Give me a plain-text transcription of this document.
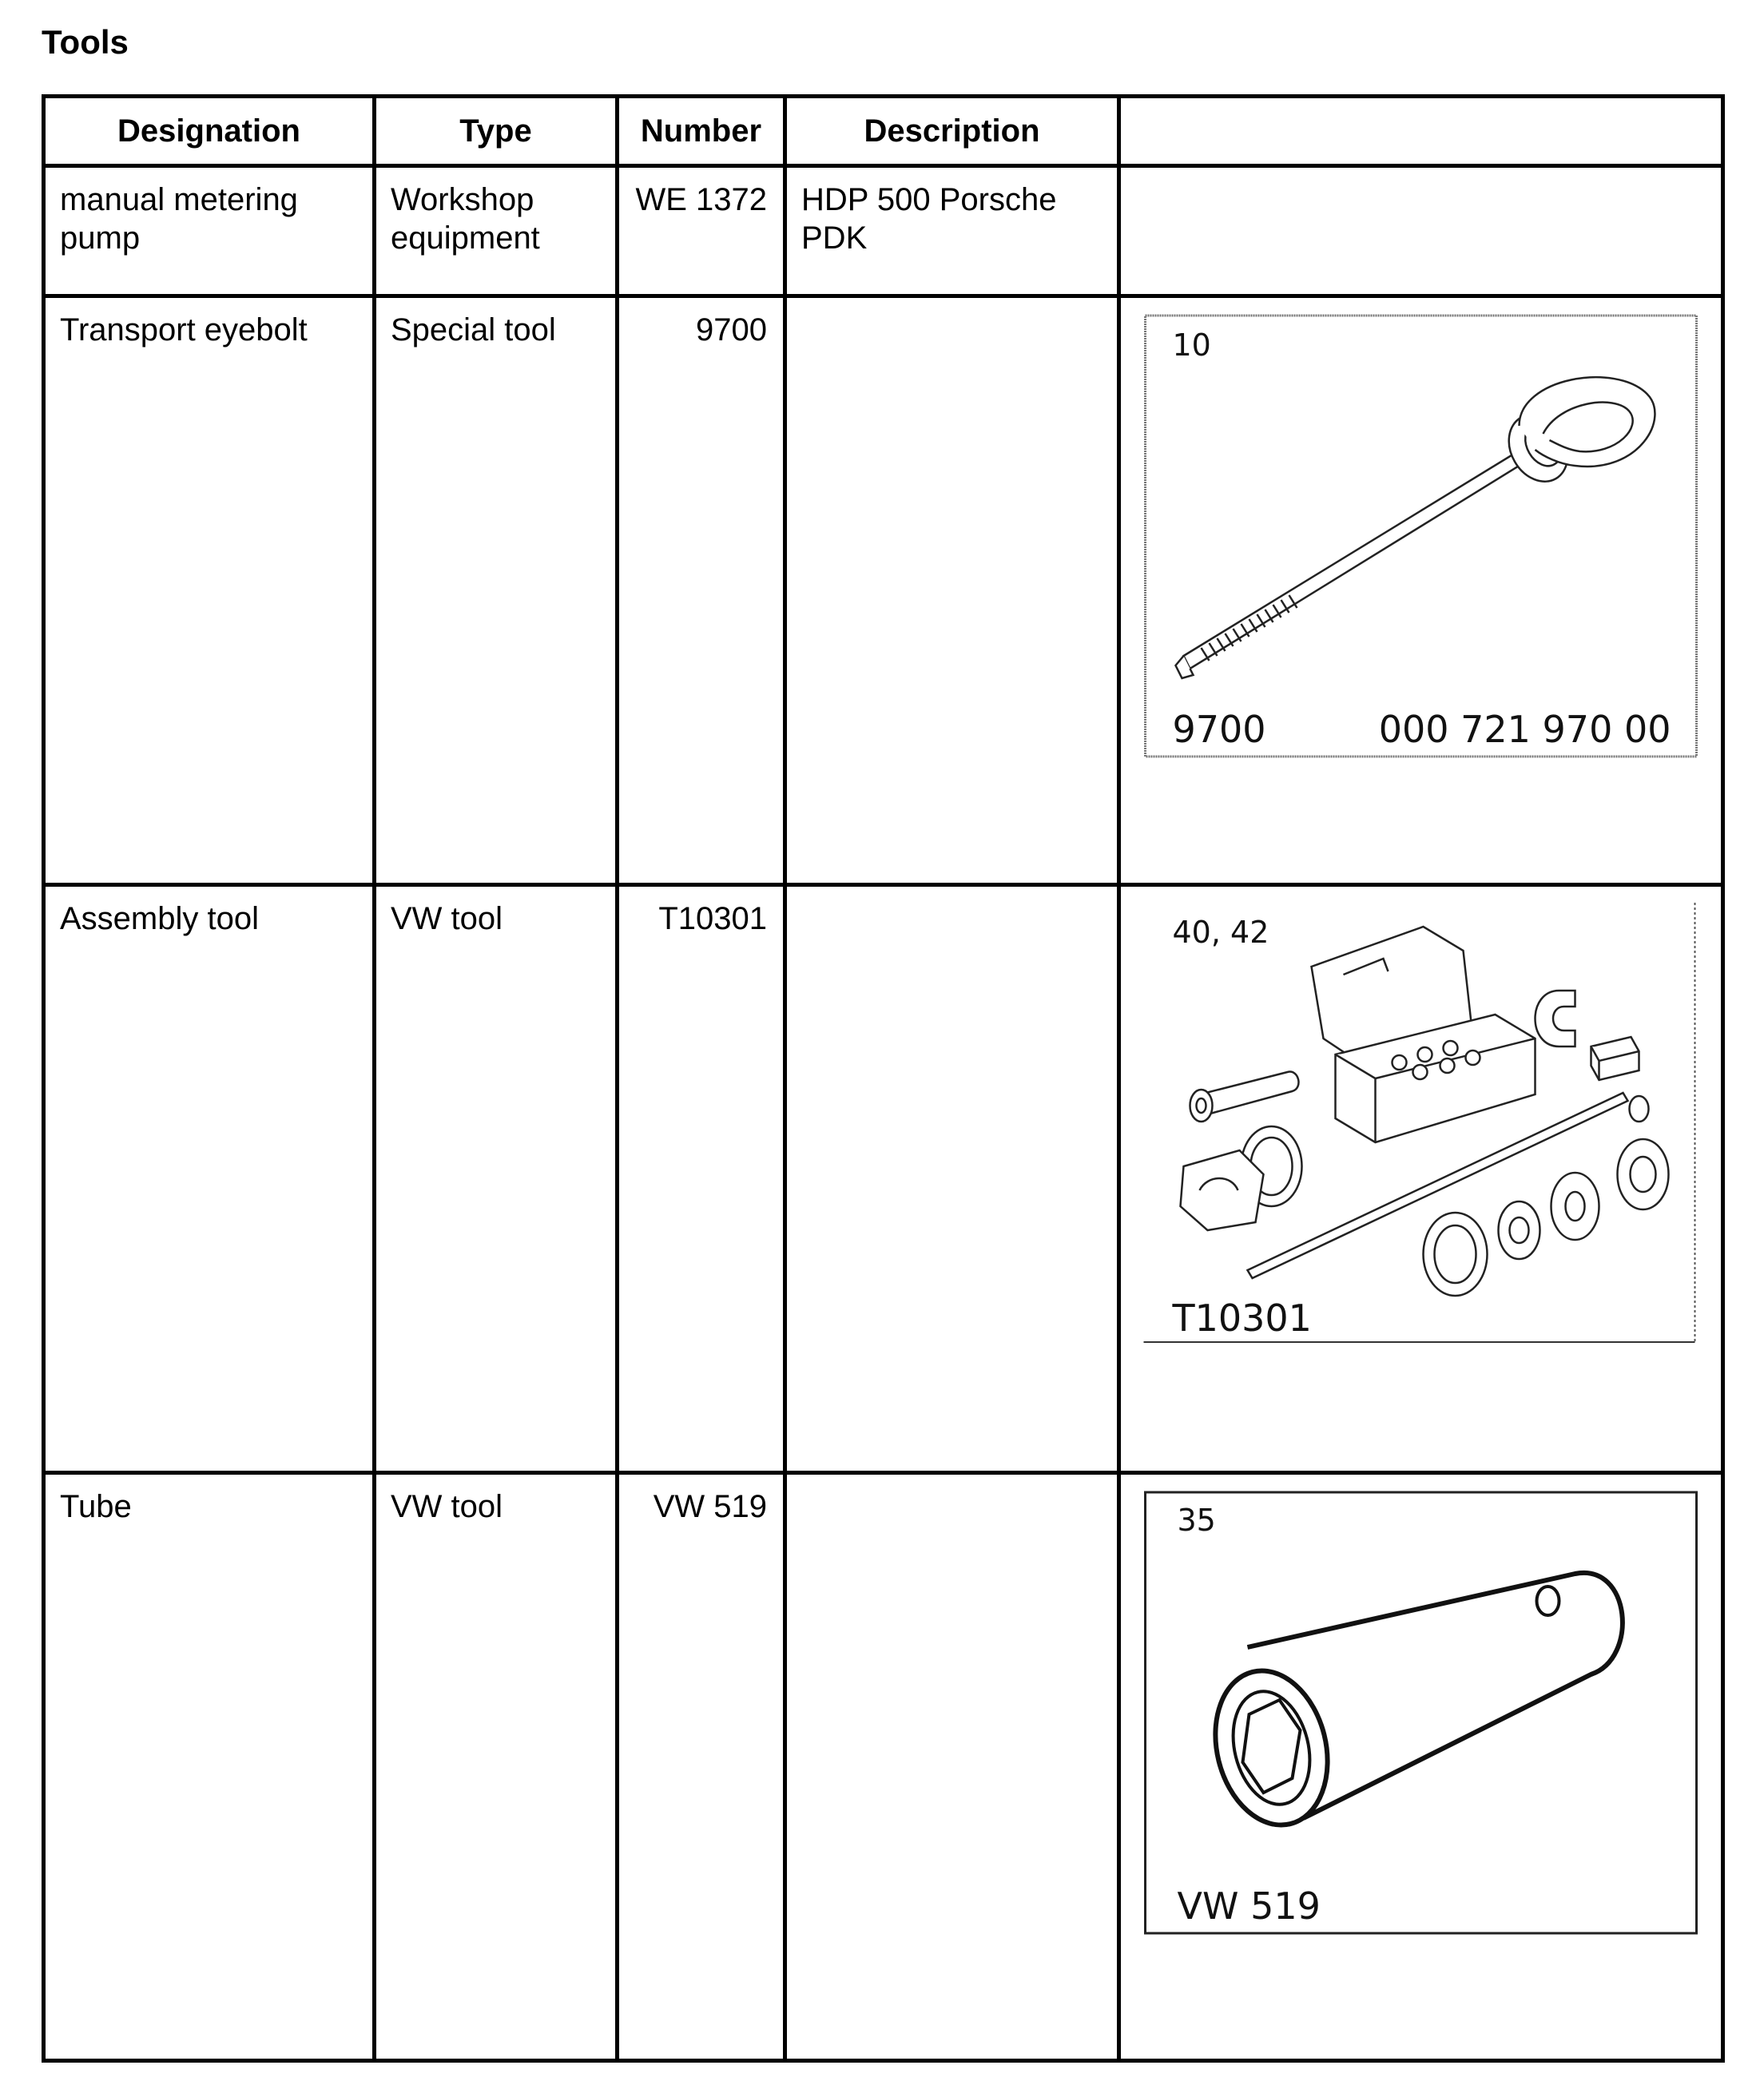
Tools
Designation	Type	Number	Description	
manual metering pump	Workshop equipment	WE 1372	HDP 500 Porsche PDK	
Transport eyebolt	Special tool	9700		10
9700 000 721 970 00

Assembly tool	VW tool	T10301		40, 42
T10301

Tube	VW tool	VW 519		35
VW 519
